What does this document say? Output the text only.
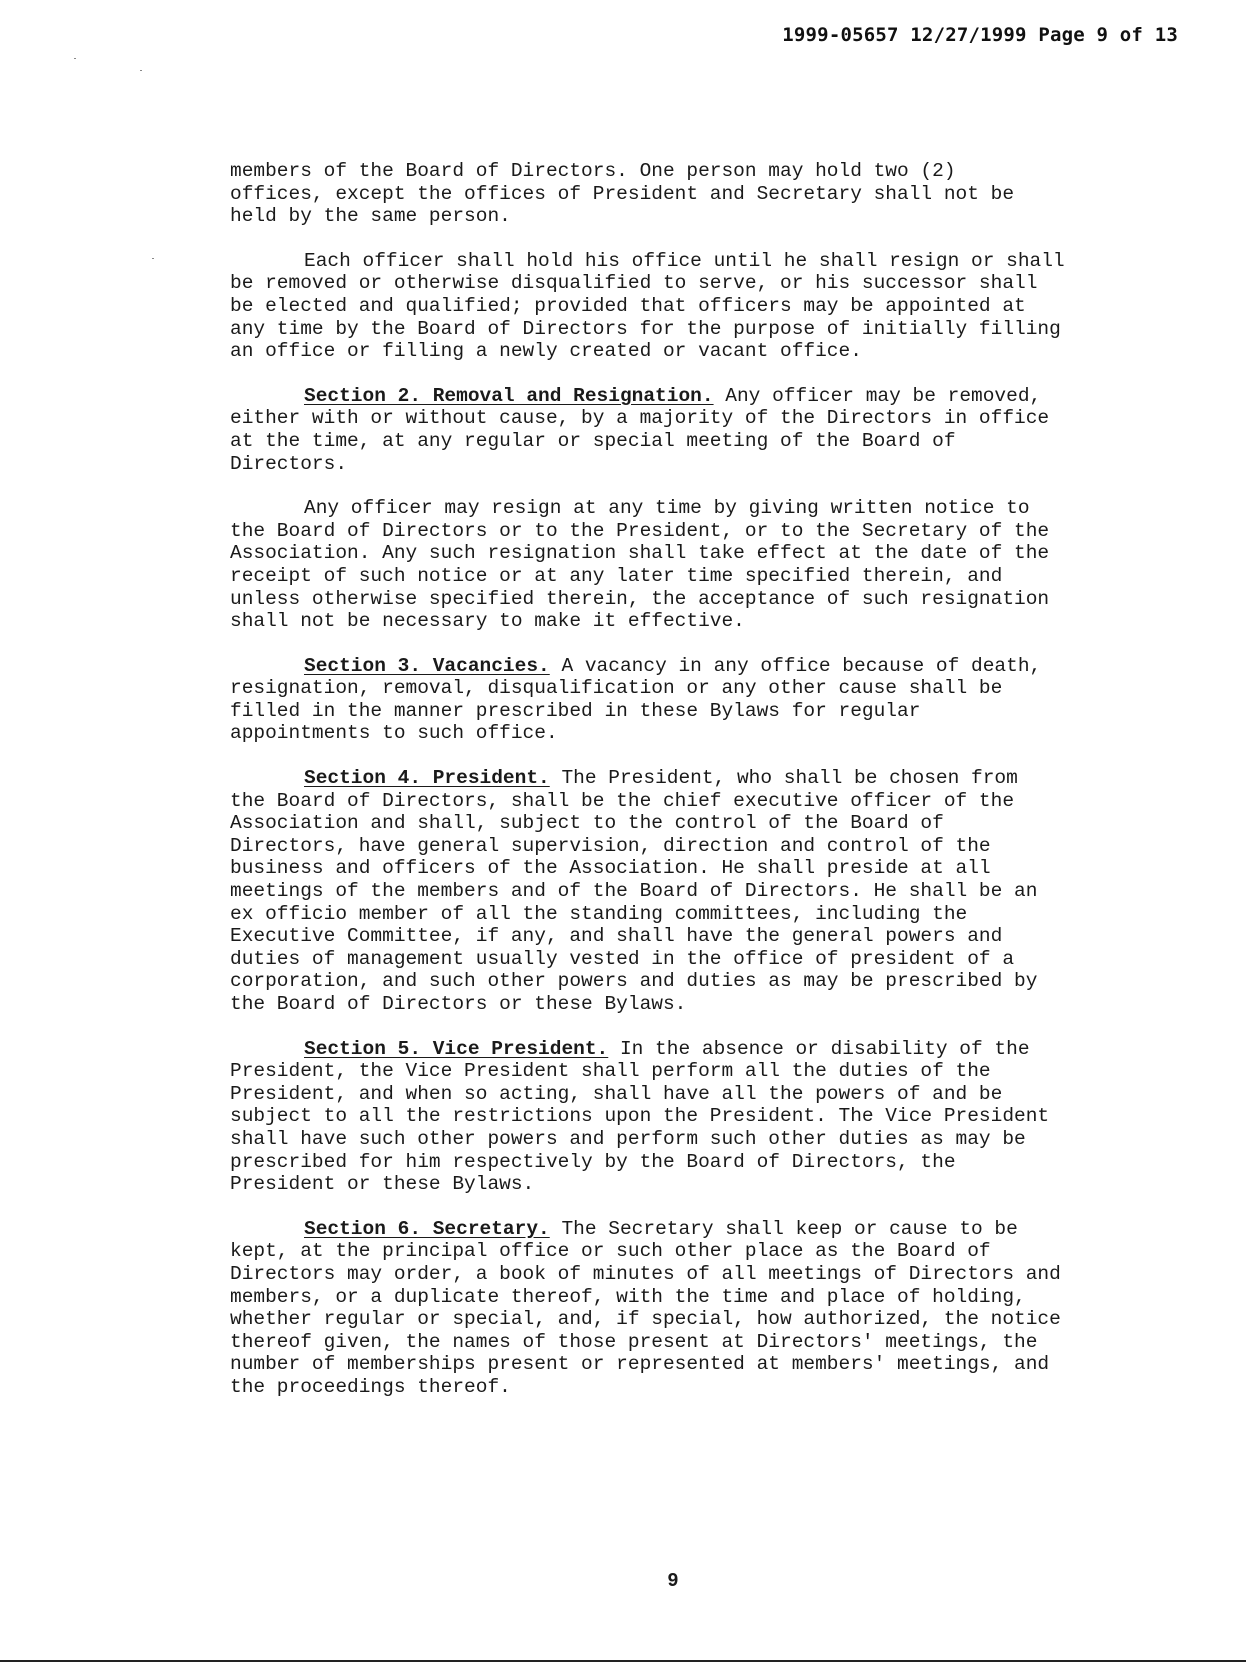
1999-05657 12/27/1999 Page 9 of 13

members of the Board of Directors. One person may hold two (2)
offices, except the offices of President and Secretary shall not be
held by the same person.

Each officer shall hold his office until he shall resign or shall
be removed or otherwise disqualified to serve, or his successor shall
be elected and qualified; provided that officers may be appointed at
any time by the Board of Directors for the purpose of initially filling
an office or filling a newly created or vacant office.

Section 2. Removal and Resignation. Any officer may be removed,
either with or without cause, by a majority of the Directors in office
at the time, at any regular or special meeting of the Board of
Directors.

Any officer may resign at any time by giving written notice to
the Board of Directors or to the President, or to the Secretary of the
Association. Any such resignation shall take effect at the date of the
receipt of such notice or at any later time specified therein, and
unless otherwise specified therein, the acceptance of such resignation
shall not be necessary to make it effective.

Section 3. Vacancies. A vacancy in any office because of death,
resignation, removal, disqualification or any other cause shall be
filled in the manner prescribed in these Bylaws for regular
appointments to such office.

Section 4. President. The President, who shall be chosen from
the Board of Directors, shall be the chief executive officer of the
Association and shall, subject to the control of the Board of
Directors, have general supervision, direction and control of the
business and officers of the Association. He shall preside at all
meetings of the members and of the Board of Directors. He shall be an
ex officio member of all the standing committees, including the
Executive Committee, if any, and shall have the general powers and
duties of management usually vested in the office of president of a
corporation, and such other powers and duties as may be prescribed by
the Board of Directors or these Bylaws.

Section 5. Vice President. In the absence or disability of the
President, the Vice President shall perform all the duties of the
President, and when so acting, shall have all the powers of and be
subject to all the restrictions upon the President. The Vice President
shall have such other powers and perform such other duties as may be
prescribed for him respectively by the Board of Directors, the
President or these Bylaws.

Section 6. Secretary. The Secretary shall keep or cause to be
kept, at the principal office or such other place as the Board of
Directors may order, a book of minutes of all meetings of Directors and
members, or a duplicate thereof, with the time and place of holding,
whether regular or special, and, if special, how authorized, the notice
thereof given, the names of those present at Directors' meetings, the
number of memberships present or represented at members' meetings, and
the proceedings thereof.

9
